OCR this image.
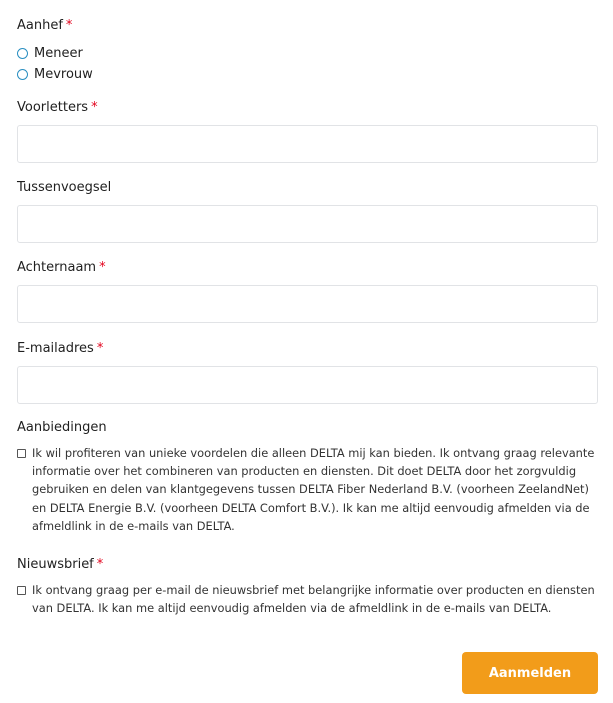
Aanhef *
Meneer
Mevrouw
Voorletters *
Tussenvoegsel
Achternaam *
E-mailadres *
Aanbiedingen
Ik wil profiteren van unieke voordelen die alleen DELTA mij kan bieden. Ik ontvang graag relevante informatie over het combineren van producten en diensten. Dit doet DELTA door het zorgvuldig gebruiken en delen van klantgegevens tussen DELTA Fiber Nederland B.V. (voorheen ZeelandNet) en DELTA Energie B.V. (voorheen DELTA Comfort B.V.). Ik kan me altijd eenvoudig afmelden via de afmeldlink in de e-mails van DELTA.
Nieuwsbrief *
Ik ontvang graag per e-mail de nieuwsbrief met belangrijke informatie over producten en diensten van DELTA. Ik kan me altijd eenvoudig afmelden via de afmeldlink in de e-mails van DELTA.
Aanmelden
